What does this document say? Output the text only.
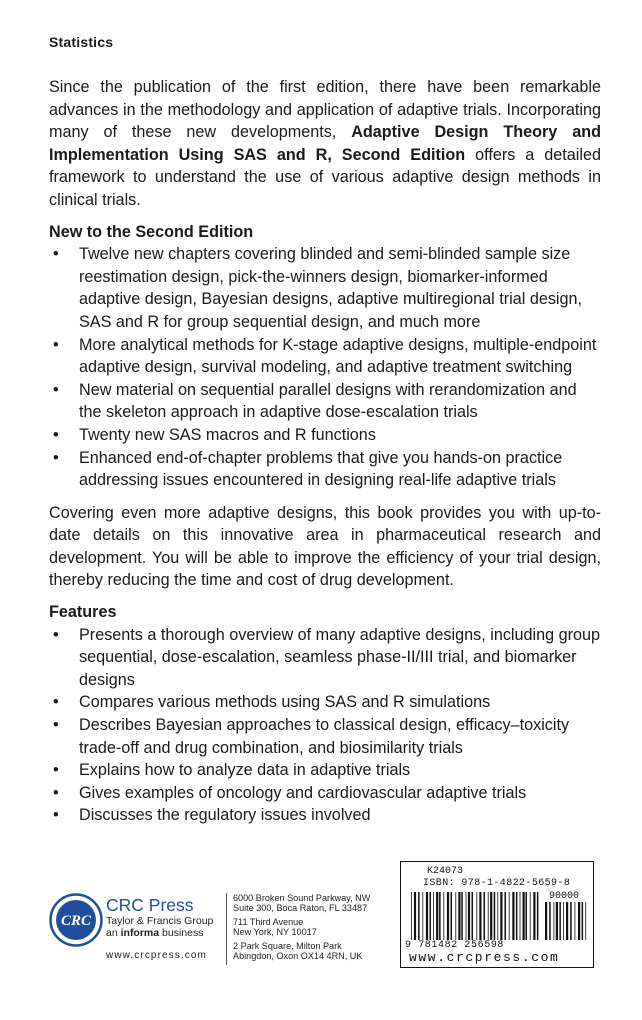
Statistics

Since the publication of the first edition, there have been remarkable advances in the methodology and application of adaptive trials. Incorporating many of these new developments, Adaptive Design Theory and Implementation Using SAS and R, Second Edition offers a detailed framework to understand the use of various adaptive design methods in clinical trials.

New to the Second Edition

• Twelve new chapters covering blinded and semi-blinded sample size reestimation design, pick-the-winners design, biomarker-informed adaptive design, Bayesian designs, adaptive multiregional trial design, SAS and R for group sequential design, and much more
• More analytical methods for K-stage adaptive designs, multiple-endpoint adaptive design, survival modeling, and adaptive treatment switching
• New material on sequential parallel designs with rerandomization and the skeleton approach in adaptive dose-escalation trials
• Twenty new SAS macros and R functions
• Enhanced end-of-chapter problems that give you hands-on practice addressing issues encountered in designing real-life adaptive trials

Covering even more adaptive designs, this book provides you with up-to-date details on this innovative area in pharmaceutical research and development. You will be able to improve the efficiency of your trial design, thereby reducing the time and cost of drug development.

Features

• Presents a thorough overview of many adaptive designs, including group sequential, dose-escalation, seamless phase-II/III trial, and biomarker designs
• Compares various methods using SAS and R simulations
• Describes Bayesian approaches to classical design, efficacy–toxicity trade-off and drug combination, and biosimilarity trials
• Explains how to analyze data in adaptive trials
• Gives examples of oncology and cardiovascular adaptive trials
• Discusses the regulatory issues involved
CRC
CRC Press
Taylor & Francis Group
an informa business
www.crcpress.com
6000 Broken Sound Parkway, NW
Suite 300, Boca Raton, FL 33487
711 Third Avenue
New York, NY 10017
2 Park Square, Milton Park
Abingdon, Oxon OX14 4RN, UK
K24073
ISBN: 978-1-4822-5659-8
90000
9 781482 256598
www.crcpress.com
